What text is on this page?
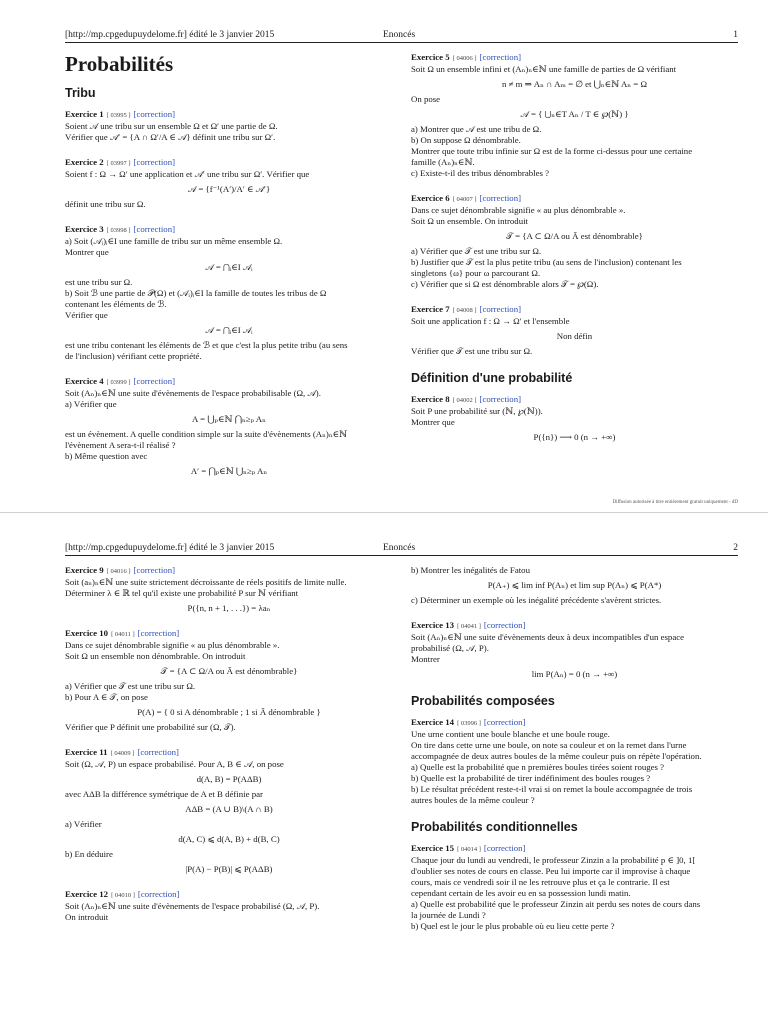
[http://mp.cpgedupuydelome.fr] édité le 3 janvier 2015	Enoncés	1
Probabilités
Tribu
Exercice 1 [ 03995 ] [correction]
Soient 𝒜 une tribu sur un ensemble Ω et Ω′ une partie de Ω.
Vérifier que 𝒜′ = {A ∩ Ω′/A ∈ 𝒜} définit une tribu sur Ω′.
Exercice 2 [ 03997 ] [correction]
Soient f : Ω → Ω′ une application et 𝒜′ une tribu sur Ω′. Vérifier que
𝒜 = {f⁻¹(A′)/A′ ∈ 𝒜′}
définit une tribu sur Ω.
Exercice 3 [ 03998 ] [correction]
a) Soit (𝒜ᵢ)ᵢ∈I une famille de tribu sur un même ensemble Ω.
Montrer que
𝒜 = ⋂ᵢ∈I 𝒜ᵢ
est une tribu sur Ω.
b) Soit ℬ une partie de 𝒫(Ω) et (𝒜ᵢ)ᵢ∈I la famille de toutes les tribus de Ω
contenant les éléments de ℬ.
Vérifier que
𝒜 = ⋂ᵢ∈I 𝒜ᵢ
est une tribu contenant les éléments de ℬ et que c'est la plus petite tribu (au sens
de l'inclusion) vérifiant cette propriété.
Exercice 4 [ 03999 ] [correction]
Soit (Aₙ)ₙ∈ℕ une suite d'évènements de l'espace probabilisable (Ω, 𝒜).
a) Vérifier que
A = ⋃ₚ∈ℕ ⋂ₙ≥ₚ Aₙ
est un évènement. A quelle condition simple sur la suite d'évènements (Aₙ)ₙ∈ℕ
l'évènement A sera-t-il réalisé ?
b) Même question avec
A′ = ⋂ₚ∈ℕ ⋃ₙ≥ₚ Aₙ
Exercice 5 [ 04006 ] [correction]
Soit Ω un ensemble infini et (Aₙ)ₙ∈ℕ une famille de parties de Ω vérifiant
n ≠ m ⇒ Aₙ ∩ Aₘ = ∅ et ⋃ₙ∈ℕ Aₙ = Ω
On pose
𝒜 = { ⋃ₙ∈T Aₙ / T ∈ ℘(ℕ) }
a) Montrer que 𝒜 est une tribu de Ω.
b) On suppose Ω dénombrable.
Montrer que toute tribu infinie sur Ω est de la forme ci-dessus pour une certaine
famille (Aₙ)ₙ∈ℕ.
c) Existe-t-il des tribus dénombrables ?
Exercice 6 [ 04007 ] [correction]
Dans ce sujet dénombrable signifie « au plus dénombrable ».
Soit Ω un ensemble. On introduit
𝒯 = {A ⊂ Ω/A ou Ā est dénombrable}
a) Vérifier que 𝒯 est une tribu sur Ω.
b) Justifier que 𝒯 est la plus petite tribu (au sens de l'inclusion) contenant les
singletons {ω} pour ω parcourant Ω.
c) Vérifier que si Ω est dénombrable alors 𝒯 = ℘(Ω).
Exercice 7 [ 04008 ] [correction]
Soit une application f : Ω → Ω′ et l'ensemble
Non défin
Vérifier que 𝒯 est une tribu sur Ω.
Définition d'une probabilité
Exercice 8 [ 04002 ] [correction]
Soit P une probabilité sur (ℕ, ℘(ℕ)).
Montrer que
P({n}) ⟶ 0 (n → +∞)
Diffusion autorisée à titre entièrement gratuit uniquement - dD
[http://mp.cpgedupuydelome.fr] édité le 3 janvier 2015	Enoncés	2
Exercice 9 [ 04016 ] [correction]
Soit (aₙ)ₙ∈ℕ une suite strictement décroissante de réels positifs de limite nulle.
Déterminer λ ∈ ℝ tel qu'il existe une probabilité P sur ℕ vérifiant
P({n, n + 1, . . .}) = λaₙ
Exercice 10 [ 04011 ] [correction]
Dans ce sujet dénombrable signifie « au plus dénombrable ».
Soit Ω un ensemble non dénombrable. On introduit
𝒯 = {A ⊂ Ω/A ou Ā est dénombrable}
a) Vérifier que 𝒯 est une tribu sur Ω.
b) Pour A ∈ 𝒯, on pose
P(A) = { 0 si A dénombrable ; 1 si Ā dénombrable }
Vérifier que P définit une probabilité sur (Ω, 𝒯).
Exercice 11 [ 04009 ] [correction]
Soit (Ω, 𝒜, P) un espace probabilisé. Pour A, B ∈ 𝒜, on pose
d(A, B) = P(AΔB)
avec AΔB la différence symétrique de A et B définie par
AΔB = (A ∪ B)\(A ∩ B)
a) Vérifier
d(A, C) ⩽ d(A, B) + d(B, C)
b) En déduire
|P(A) − P(B)| ⩽ P(AΔB)
Exercice 12 [ 04010 ] [correction]
Soit (Aₙ)ₙ∈ℕ une suite d'évènements de l'espace probabilisé (Ω, 𝒜, P).
On introduit
b) Montrer les inégalités de Fatou
P(A₊) ⩽ lim inf P(Aₙ) et lim sup P(Aₙ) ⩽ P(A*)
c) Déterminer un exemple où les inégalité précédente s'avèrent strictes.
Exercice 13 [ 04041 ] [correction]
Soit (Aₙ)ₙ∈ℕ une suite d'évènements deux à deux incompatibles d'un espace
probabilisé (Ω, 𝒜, P).
Montrer
lim P(Aₙ) = 0 (n → +∞)
Probabilités composées
Exercice 14 [ 03996 ] [correction]
Une urne contient une boule blanche et une boule rouge.
On tire dans cette urne une boule, on note sa couleur et on la remet dans l'urne
accompagnée de deux autres boules de la même couleur puis on répète l'opération.
a) Quelle est la probabilité que n premières boules tirées soient rouges ?
b) Quelle est la probabilité de tirer indéfiniment des boules rouges ?
b) Le résultat précédent reste-t-il vrai si on remet la boule accompagnée de trois
autres boules de la même couleur ?
Probabilités conditionnelles
Exercice 15 [ 04014 ] [correction]
Chaque jour du lundi au vendredi, le professeur Zinzin a la probabilité p ∈ ]0, 1[
d'oublier ses notes de cours en classe. Peu lui importe car il improvise à chaque
cours, mais ce vendredi soir il ne les retrouve plus et ça le contrarie. Il est
cependant certain de les avoir eu en sa possession lundi matin.
a) Quelle est probabilité que le professeur Zinzin ait perdu ses notes de cours dans
la journée de Lundi ?
b) Quel est le jour le plus probable où eu lieu cette perte ?
